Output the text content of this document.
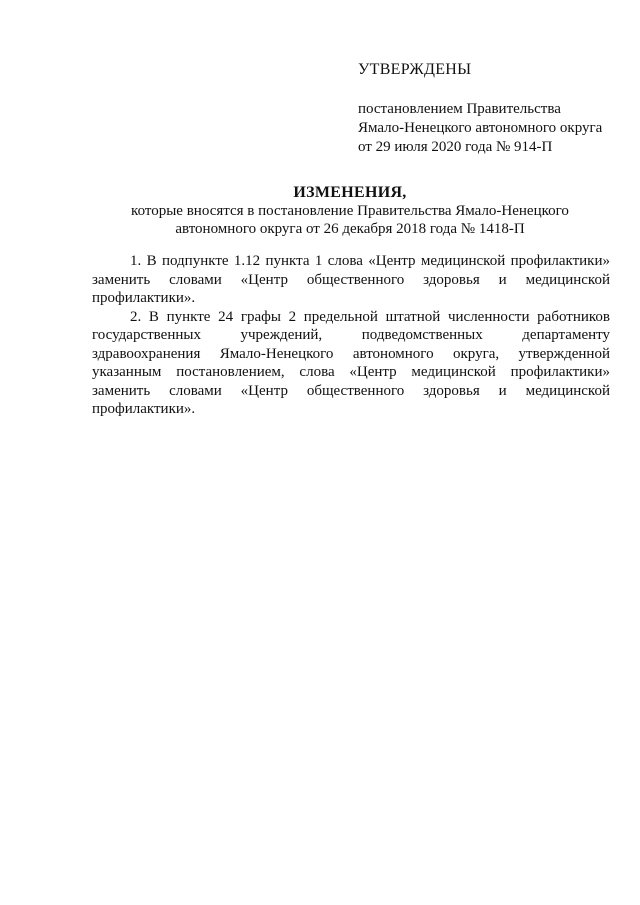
УТВЕРЖДЕНЫ

постановлением Правительства

Ямало-Ненецкого автономного округа

от 29 июля 2020 года № 914-П

ИЗМЕНЕНИЯ,

которые вносятся в постановление Правительства Ямало-Ненецкого

автономного округа от 26 декабря 2018 года № 1418-П

1. В подпункте 1.12 пункта 1 слова «Центр медицинской профилактики» заменить словами «Центр общественного здоровья и медицинской профилактики».

2. В пункте 24 графы 2 предельной штатной численности работников государственных учреждений, подведомственных департаменту здравоохранения Ямало-Ненецкого автономного округа, утвержденной указанным постановлением, слова «Центр медицинской профилактики» заменить словами «Центр общественного здоровья и медицинской профилактики».
